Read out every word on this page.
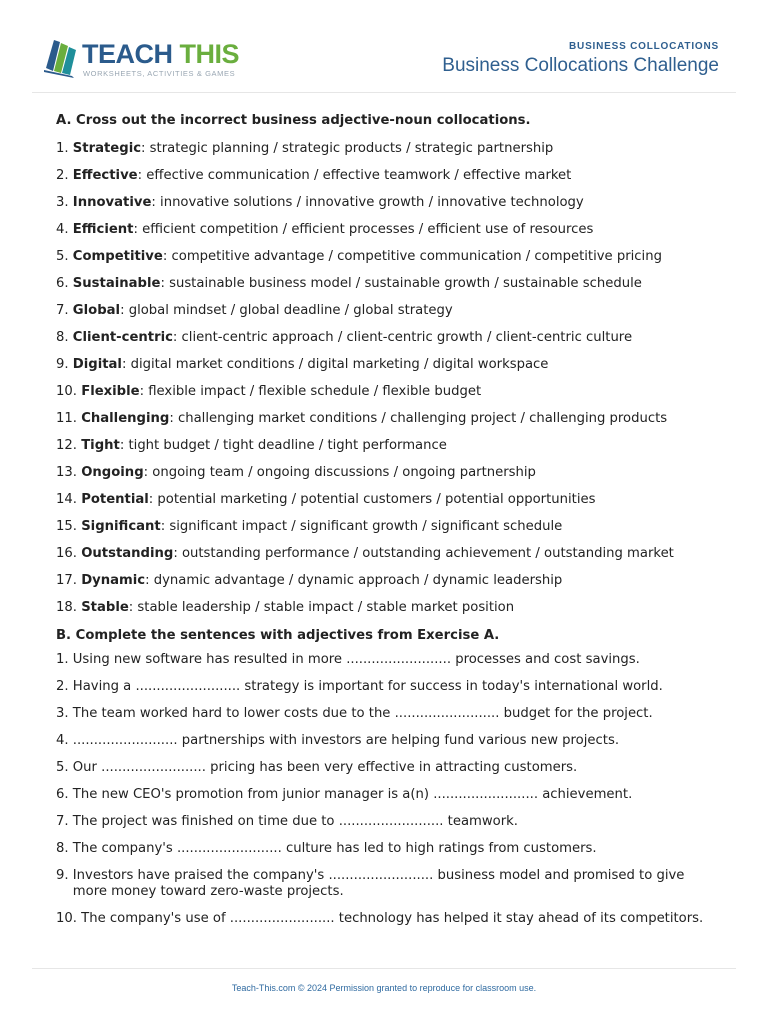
TEACH THIS
WORKSHEETS, ACTIVITIES & GAMES
BUSINESS COLLOCATIONS
Business Collocations Challenge
A. Cross out the incorrect business adjective-noun collocations.
1. Strategic: strategic planning / strategic products / strategic partnership
2. Effective: effective communication / effective teamwork / effective market
3. Innovative: innovative solutions / innovative growth / innovative technology
4. Efficient: efficient competition / efficient processes / efficient use of resources
5. Competitive: competitive advantage / competitive communication / competitive pricing
6. Sustainable: sustainable business model / sustainable growth / sustainable schedule
7. Global: global mindset / global deadline / global strategy
8. Client-centric: client-centric approach / client-centric growth / client-centric culture
9. Digital: digital market conditions / digital marketing / digital workspace
10. Flexible: flexible impact / flexible schedule / flexible budget
11. Challenging: challenging market conditions / challenging project / challenging products
12. Tight: tight budget / tight deadline / tight performance
13. Ongoing: ongoing team / ongoing discussions / ongoing partnership
14. Potential: potential marketing / potential customers / potential opportunities
15. Significant: significant impact / significant growth / significant schedule
16. Outstanding: outstanding performance / outstanding achievement / outstanding market
17. Dynamic: dynamic advantage / dynamic approach / dynamic leadership
18. Stable: stable leadership / stable impact / stable market position
B. Complete the sentences with adjectives from Exercise A.
1. Using new software has resulted in more ......................... processes and cost savings.
2. Having a ......................... strategy is important for success in today's international world.
3. The team worked hard to lower costs due to the ......................... budget for the project.
4. ......................... partnerships with investors are helping fund various new projects.
5. Our ......................... pricing has been very effective in attracting customers.
6. The new CEO's promotion from junior manager is a(n) ......................... achievement.
7. The project was finished on time due to ......................... teamwork.
8. The company's ......................... culture has led to high ratings from customers.
9. Investors have praised the company's ......................... business model and promised to give more money toward zero-waste projects.
10. The company's use of ......................... technology has helped it stay ahead of its competitors.
Teach-This.com © 2024 Permission granted to reproduce for classroom use.
